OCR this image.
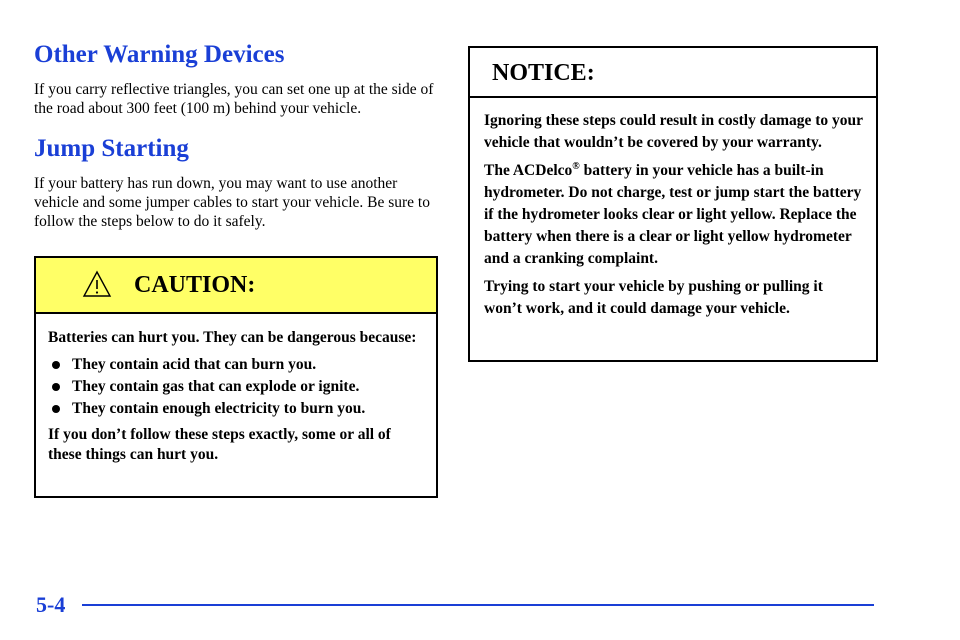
Other Warning Devices

If you carry reflective triangles, you can set one up at the side of the road about 300 feet (100 m) behind your vehicle.

Jump Starting

If your battery has run down, you may want to use another vehicle and some jumper cables to start your vehicle. Be sure to follow the steps below to do it safely.

CAUTION:

Batteries can hurt you. They can be dangerous because:

They contain acid that can burn you.
They contain gas that can explode or ignite.
They contain enough electricity to burn you.

If you don’t follow these steps exactly, some or all of these things can hurt you.

NOTICE:

Ignoring these steps could result in costly damage to your vehicle that wouldn’t be covered by your warranty.

The ACDelco® battery in your vehicle has a built-in hydrometer. Do not charge, test or jump start the battery if the hydrometer looks clear or light yellow. Replace the battery when there is a clear or light yellow hydrometer and a cranking complaint.

Trying to start your vehicle by pushing or pulling it won’t work, and it could damage your vehicle.

5-4
